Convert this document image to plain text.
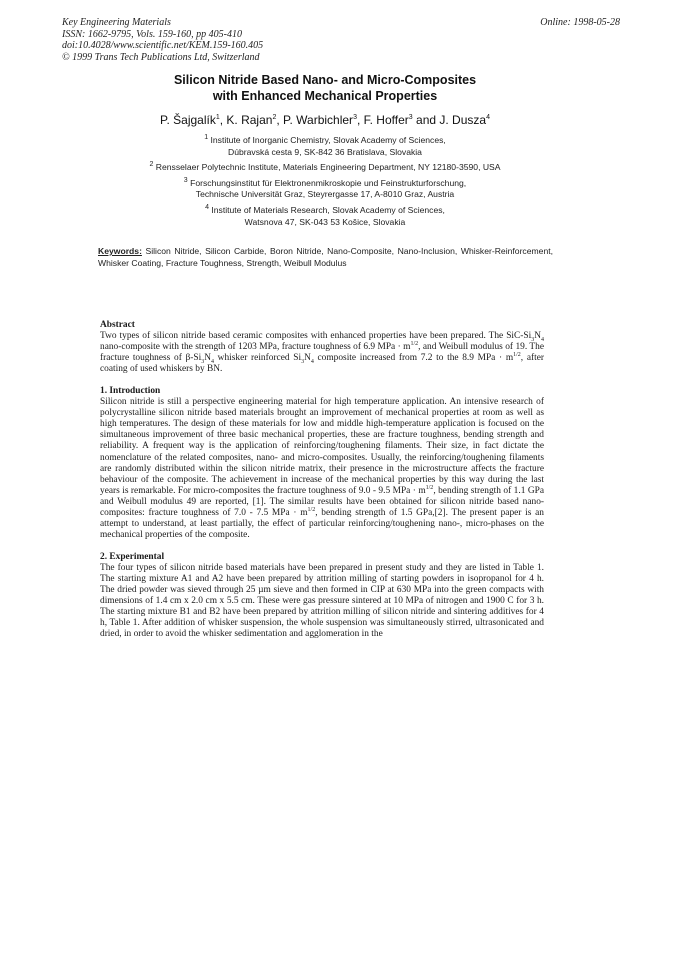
Key Engineering Materials
ISSN: 1662-9795, Vols. 159-160, pp 405-410
doi:10.4028/www.scientific.net/KEM.159-160.405
© 1999 Trans Tech Publications Ltd, Switzerland
Online: 1998-05-28
Silicon Nitride Based Nano- and Micro-Composites
with Enhanced Mechanical Properties
P. Šajgalík$^1$, K. Rajan$^2$, P. Warbichler$^3$, F. Hoffer$^3$ and J. Dusza$^4$
$^1$ Institute of Inorganic Chemistry, Slovak Academy of Sciences,
Dúbravská cesta 9, SK-842 36 Bratislava, Slovakia
$^2$ Rensselaer Polytechnic Institute, Materials Engineering Department, NY 12180-3590, USA
$^3$ Forschungsinstitut für Elektronenmikroskopie und Feinstrukturforschung,
Technische Universität Graz, Steyrergasse 17, A-8010 Graz, Austria
$^4$ Institute of Materials Research, Slovak Academy of Sciences,
Watsnova 47, SK-043 53 Košice, Slovakia
Keywords: Silicon Nitride, Silicon Carbide, Boron Nitride, Nano-Composite, Nano-Inclusion, Whisker-Reinforcement, Whisker Coating, Fracture Toughness, Strength, Weibull Modulus

Abstract

Two types of silicon nitride based ceramic composites with enhanced properties have been prepared. The SiC-$Si_3N_4$ nano-composite with the strength of 1203 MPa, fracture toughness of 6.9 MPa · $m^{1/2}$, and Weibull modulus of 19. The fracture toughness of $\beta-Si_3N_4$ whisker reinforced $Si_3N_4$ composite increased from 7.2 to the 8.9 MPa · $m^{1/2}$, after coating of used whiskers by BN.

1. Introduction

Silicon nitride is still a perspective engineering material for high temperature application. An intensive research of polycrystalline silicon nitride based materials brought an improvement of mechanical properties at room as well as high temperatures. The design of these materials for low and middle high-temperature application is focused on the simultaneous improvement of three basic mechanical properties, these are fracture toughness, bending strength and reliability. A frequent way is the application of reinforcing/toughening filaments. Their size, in fact dictate the nomenclature of the related composites, nano- and micro-composites. Usually, the reinforcing/toughening filaments are randomly distributed within the silicon nitride matrix, their presence in the microstructure affects the fracture behaviour of the composite. The achievement in increase of the mechanical properties by this way during the last years is remarkable. For micro-composites the fracture toughness of 9.0 - 9.5 MPa · $m^{1/2}$, bending strength of 1.1 GPa and Weibull modulus 49 are reported, [1]. The similar results have been obtained for silicon nitride based nano-composites: fracture toughness of 7.0 - 7.5 MPa · $m^{1/2}$, bending strength of 1.5 GPa,[2]. The present paper is an attempt to understand, at least partially, the effect of particular reinforcing/toughening nano-, micro-phases on the mechanical properties of the composite.

2. Experimental

The four types of silicon nitride based materials have been prepared in present study and they are listed in Table 1. The starting mixture A1 and A2 have been prepared by attrition milling of starting powders in isopropanol for 4 h. The dried powder was sieved through 25 µm sieve and then formed in CIP at 630 MPa into the green compacts with dimensions of 1.4 cm x 2.0 cm x 5.5 cm. These were gas pressure sintered at 10 MPa of nitrogen and 1900 C for 3 h. The starting mixture B1 and B2 have been prepared by attrition milling of silicon nitride and sintering additives for 4 h, Table 1. After addition of whisker suspension, the whole suspension was simultaneously stirred, ultrasonicated and dried, in order to avoid the whisker sedimentation and agglomeration in the
